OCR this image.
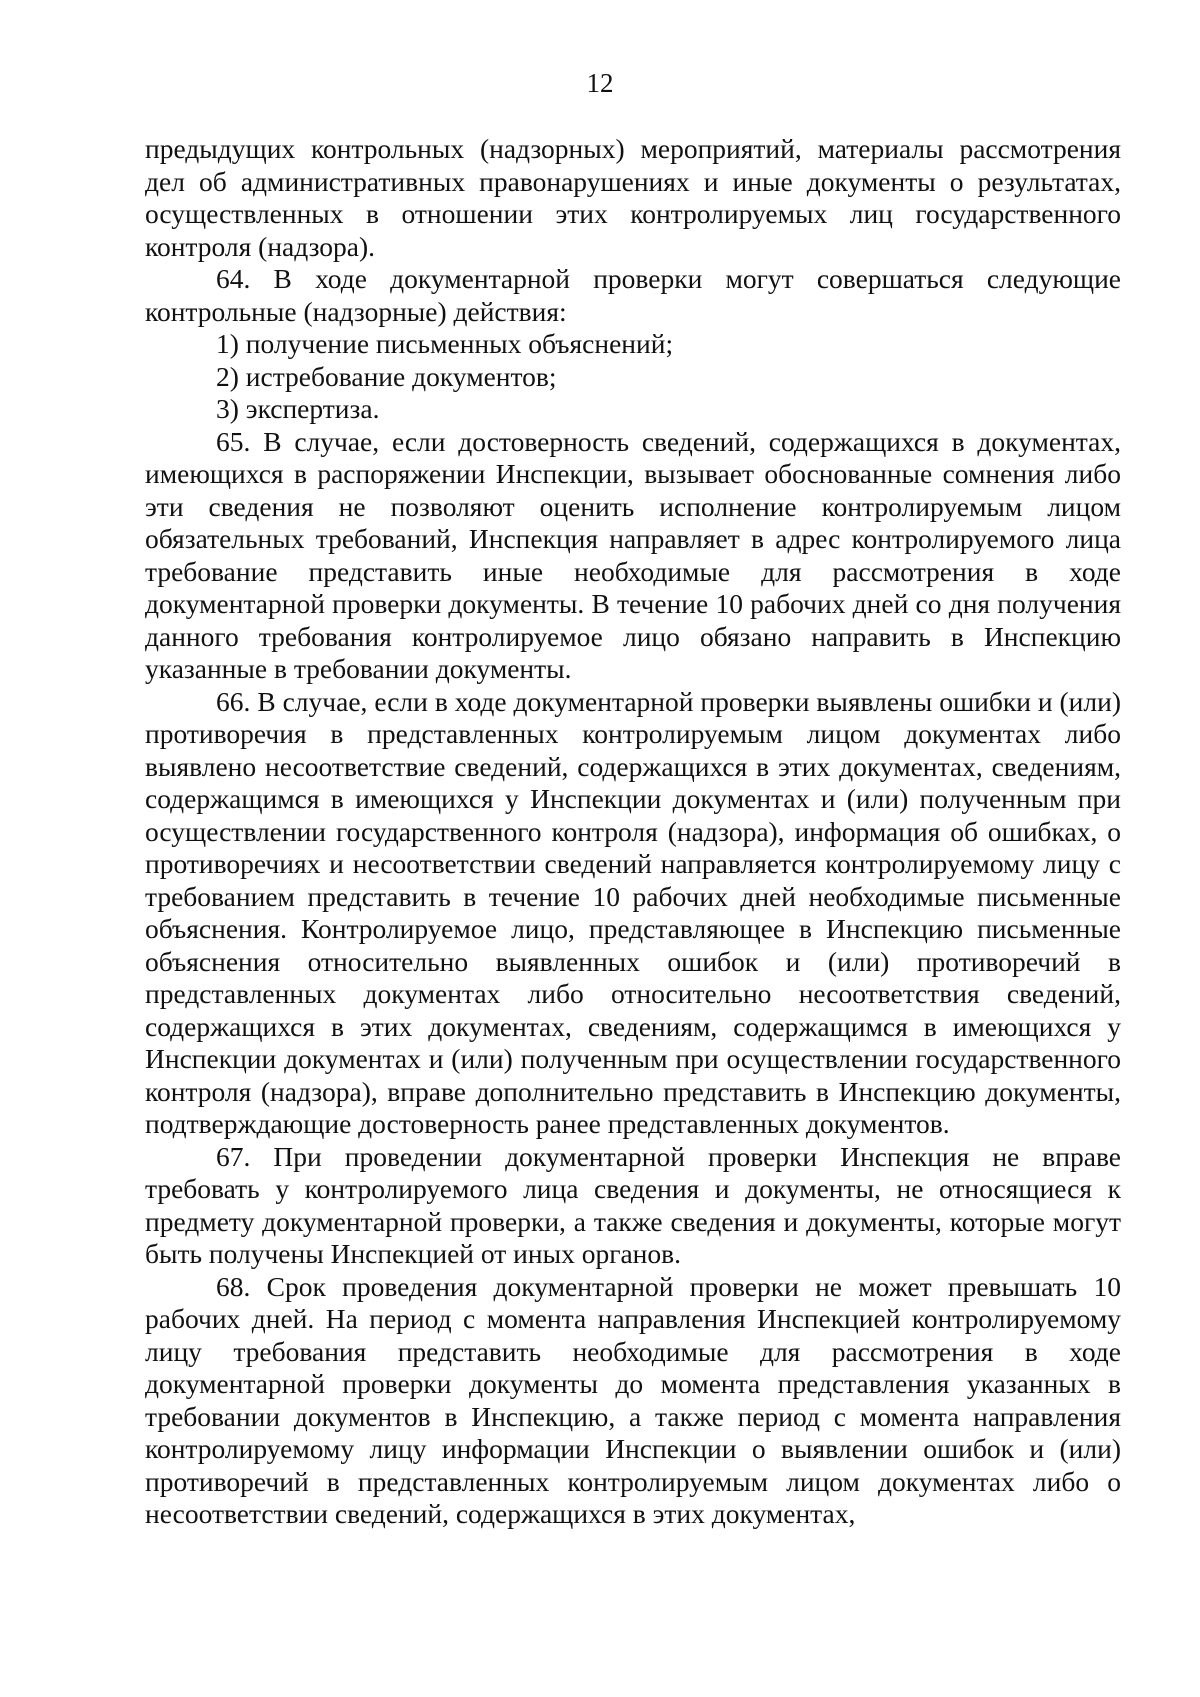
12

предыдущих контрольных (надзорных) мероприятий, материалы рассмотрения дел об административных правонарушениях и иные документы о результатах, осуществленных в отношении этих контролируемых лиц государственного контроля (надзора).

64. В ходе документарной проверки могут совершаться следующие контрольные (надзорные) действия:

1) получение письменных объяснений;

2) истребование документов;

3) экспертиза.

65. В случае, если достоверность сведений, содержащихся в документах, имеющихся в распоряжении Инспекции, вызывает обоснованные сомнения либо эти сведения не позволяют оценить исполнение контролируемым лицом обязательных требований, Инспекция направляет в адрес контролируемого лица требование представить иные необходимые для рассмотрения в ходе документарной проверки документы. В течение 10 рабочих дней со дня получения данного требования контролируемое лицо обязано направить в Инспекцию указанные в требовании документы.

66. В случае, если в ходе документарной проверки выявлены ошибки и (или) противоречия в представленных контролируемым лицом документах либо выявлено несоответствие сведений, содержащихся в этих документах, сведениям, содержащимся в имеющихся у Инспекции документах и (или) полученным при осуществлении государственного контроля (надзора), информация об ошибках, о противоречиях и несоответствии сведений направляется контролируемому лицу с требованием представить в течение 10 рабочих дней необходимые письменные объяснения. Контролируемое лицо, представляющее в Инспекцию письменные объяснения относительно выявленных ошибок и (или) противоречий в представленных документах либо относительно несоответствия сведений, содержащихся в этих документах, сведениям, содержащимся в имеющихся у Инспекции документах и (или) полученным при осуществлении государственного контроля (надзора), вправе дополнительно представить в Инспекцию документы, подтверждающие достоверность ранее представленных документов.

67. При проведении документарной проверки Инспекция не вправе требовать у контролируемого лица сведения и документы, не относящиеся к предмету документарной проверки, а также сведения и документы, которые могут быть получены Инспекцией от иных органов.

68. Срок проведения документарной проверки не может превышать 10 рабочих дней. На период с момента направления Инспекцией контролируемому лицу требования представить необходимые для рассмотрения в ходе документарной проверки документы до момента представления указанных в требовании документов в Инспекцию, а также период с момента направления контролируемому лицу информации Инспекции о выявлении ошибок и (или) противоречий в представленных контролируемым лицом документах либо о несоответствии сведений, содержащихся в этих документах,
